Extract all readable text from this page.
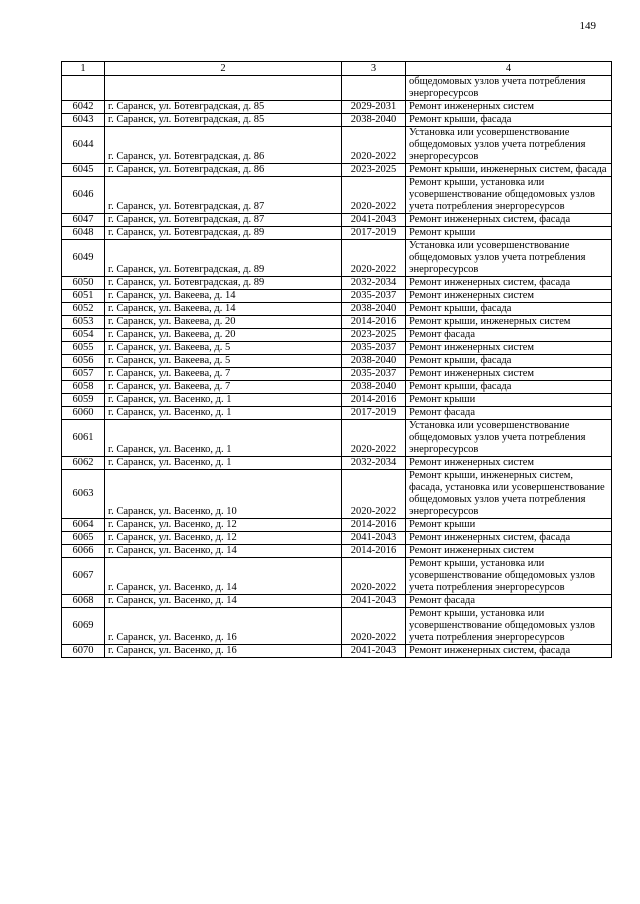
149
1	2	3	4
			общедомовых узлов учета потребления энергоресурсов
6042	г. Саранск, ул. Ботевградская, д. 85	2029-2031	Ремонт инженерных систем
6043	г. Саранск, ул. Ботевградская, д. 85	2038-2040	Ремонт крыши, фасада
6044	г. Саранск, ул. Ботевградская, д. 86	2020-2022	Установка или усовершенствование общедомовых узлов учета потребления энергоресурсов
6045	г. Саранск, ул. Ботевградская, д. 86	2023-2025	Ремонт крыши, инженерных систем, фасада
6046	г. Саранск, ул. Ботевградская, д. 87	2020-2022	Ремонт крыши, установка или усовершенствование общедомовых узлов учета потребления энергоресурсов
6047	г. Саранск, ул. Ботевградская, д. 87	2041-2043	Ремонт инженерных систем, фасада
6048	г. Саранск, ул. Ботевградская, д. 89	2017-2019	Ремонт крыши
6049	г. Саранск, ул. Ботевградская, д. 89	2020-2022	Установка или усовершенствование общедомовых узлов учета потребления энергоресурсов
6050	г. Саранск, ул. Ботевградская, д. 89	2032-2034	Ремонт инженерных систем, фасада
6051	г. Саранск, ул. Вакеева, д. 14	2035-2037	Ремонт инженерных систем
6052	г. Саранск, ул. Вакеева, д. 14	2038-2040	Ремонт крыши, фасада
6053	г. Саранск, ул. Вакеева, д. 20	2014-2016	Ремонт крыши, инженерных систем
6054	г. Саранск, ул. Вакеева, д. 20	2023-2025	Ремонт фасада
6055	г. Саранск, ул. Вакеева, д. 5	2035-2037	Ремонт инженерных систем
6056	г. Саранск, ул. Вакеева, д. 5	2038-2040	Ремонт крыши, фасада
6057	г. Саранск, ул. Вакеева, д. 7	2035-2037	Ремонт инженерных систем
6058	г. Саранск, ул. Вакеева, д. 7	2038-2040	Ремонт крыши, фасада
6059	г. Саранск, ул. Васенко, д. 1	2014-2016	Ремонт крыши
6060	г. Саранск, ул. Васенко, д. 1	2017-2019	Ремонт фасада
6061	г. Саранск, ул. Васенко, д. 1	2020-2022	Установка или усовершенствование общедомовых узлов учета потребления энергоресурсов
6062	г. Саранск, ул. Васенко, д. 1	2032-2034	Ремонт инженерных систем
6063	г. Саранск, ул. Васенко, д. 10	2020-2022	Ремонт крыши, инженерных систем, фасада, установка или усовершенствование общедомовых узлов учета потребления энергоресурсов
6064	г. Саранск, ул. Васенко, д. 12	2014-2016	Ремонт крыши
6065	г. Саранск, ул. Васенко, д. 12	2041-2043	Ремонт инженерных систем, фасада
6066	г. Саранск, ул. Васенко, д. 14	2014-2016	Ремонт инженерных систем
6067	г. Саранск, ул. Васенко, д. 14	2020-2022	Ремонт крыши, установка или усовершенствование общедомовых узлов учета потребления энергоресурсов
6068	г. Саранск, ул. Васенко, д. 14	2041-2043	Ремонт фасада
6069	г. Саранск, ул. Васенко, д. 16	2020-2022	Ремонт крыши, установка или усовершенствование общедомовых узлов учета потребления энергоресурсов
6070	г. Саранск, ул. Васенко, д. 16	2041-2043	Ремонт инженерных систем, фасада
